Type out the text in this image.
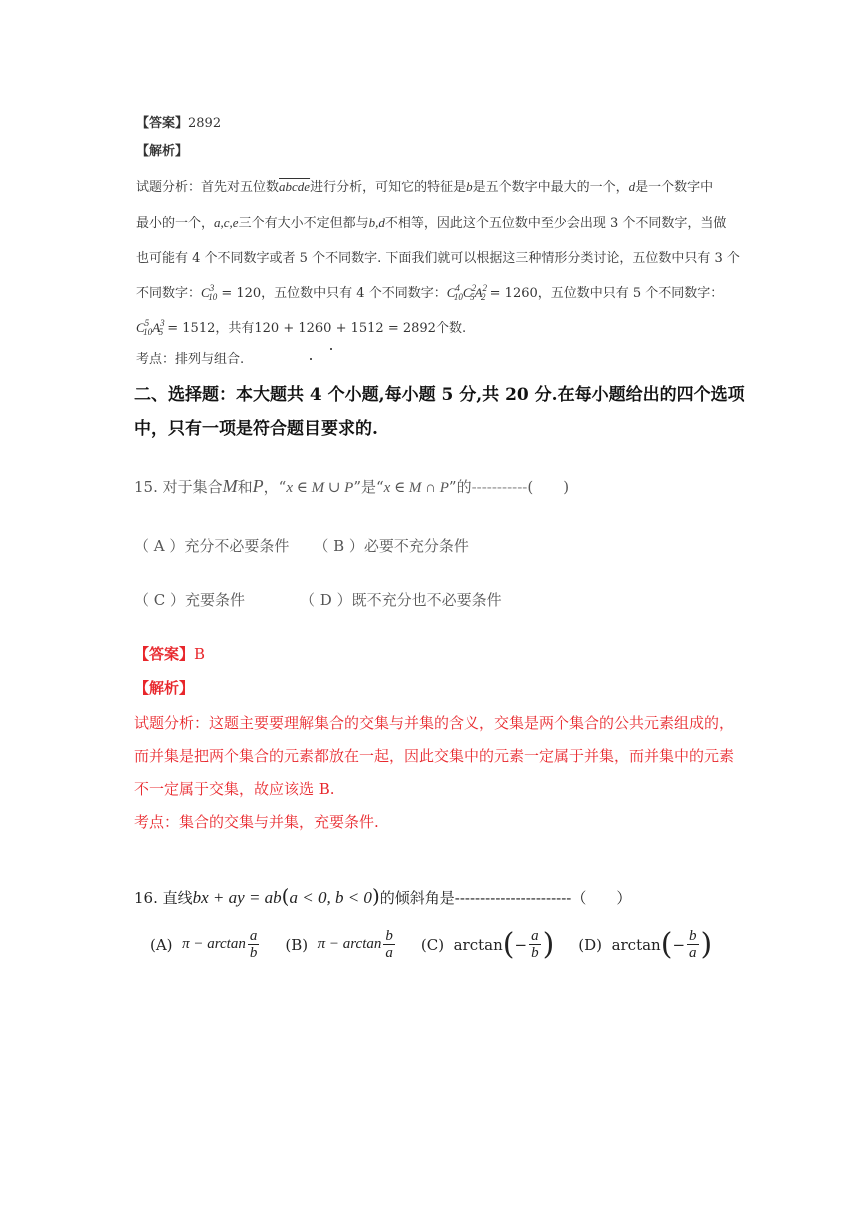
【答案】2892
【解析】
试题分析：首先对五位数abcde进行分析，可知它的特征是b是五个数字中最大的一个，d是一个数字中
最小的一个，a,c,e三个有大小不定但都与b,d不相等，因此这个五位数中至少会出现 3 个不同数字，当做
也可能有 4 个不同数字或者 5 个不同数字. 下面我们就可以根据这三种情形分类讨论，五位数中只有 3 个
不同数字：$C^3_{10} = 120$，五位数中只有 4 个不同数字：$C^4_{10}C^2_5A^2_2 = 1260$，五位数中只有 5 个不同数字：
$C^5_{10}A^3_5 = 1512$，共有120 + 1260 + 1512 = 2892个数.
考点：排列与组合.
二、选择题：本大题共 4 个小题,每小题 5 分,共 20 分.在每小题给出的四个选项
中，只有一项是符合题目要求的.
15. 对于集合M和P，“x ∈ M ∪ P”是“x ∈ M ∩ P”的-----------(　　)
（ A ）充分不必要条件 （ B ）必要不充分条件
（ C ）充要条件	（ D ）既不充分也不必要条件
【答案】B
【解析】
试题分析：这题主要要理解集合的交集与并集的含义，交集是两个集合的公共元素组成的，
而并集是把两个集合的元素都放在一起，因此交集中的元素一定属于并集，而并集中的元素
不一定属于交集，故应该选 B.
考点：集合的交集与并集，充要条件.
16. 直线bx + ay = ab(a < 0, b < 0)的倾斜角是-----------------------（　　）
(A)
$\pi - \arctan \frac{a}{b} (B)$
$\pi - \arctan \frac{b}{a} (C)$
arctan ( − $\frac{a}{b}$ ) (D)
arctan ( − $\frac{b}{a}$ )
